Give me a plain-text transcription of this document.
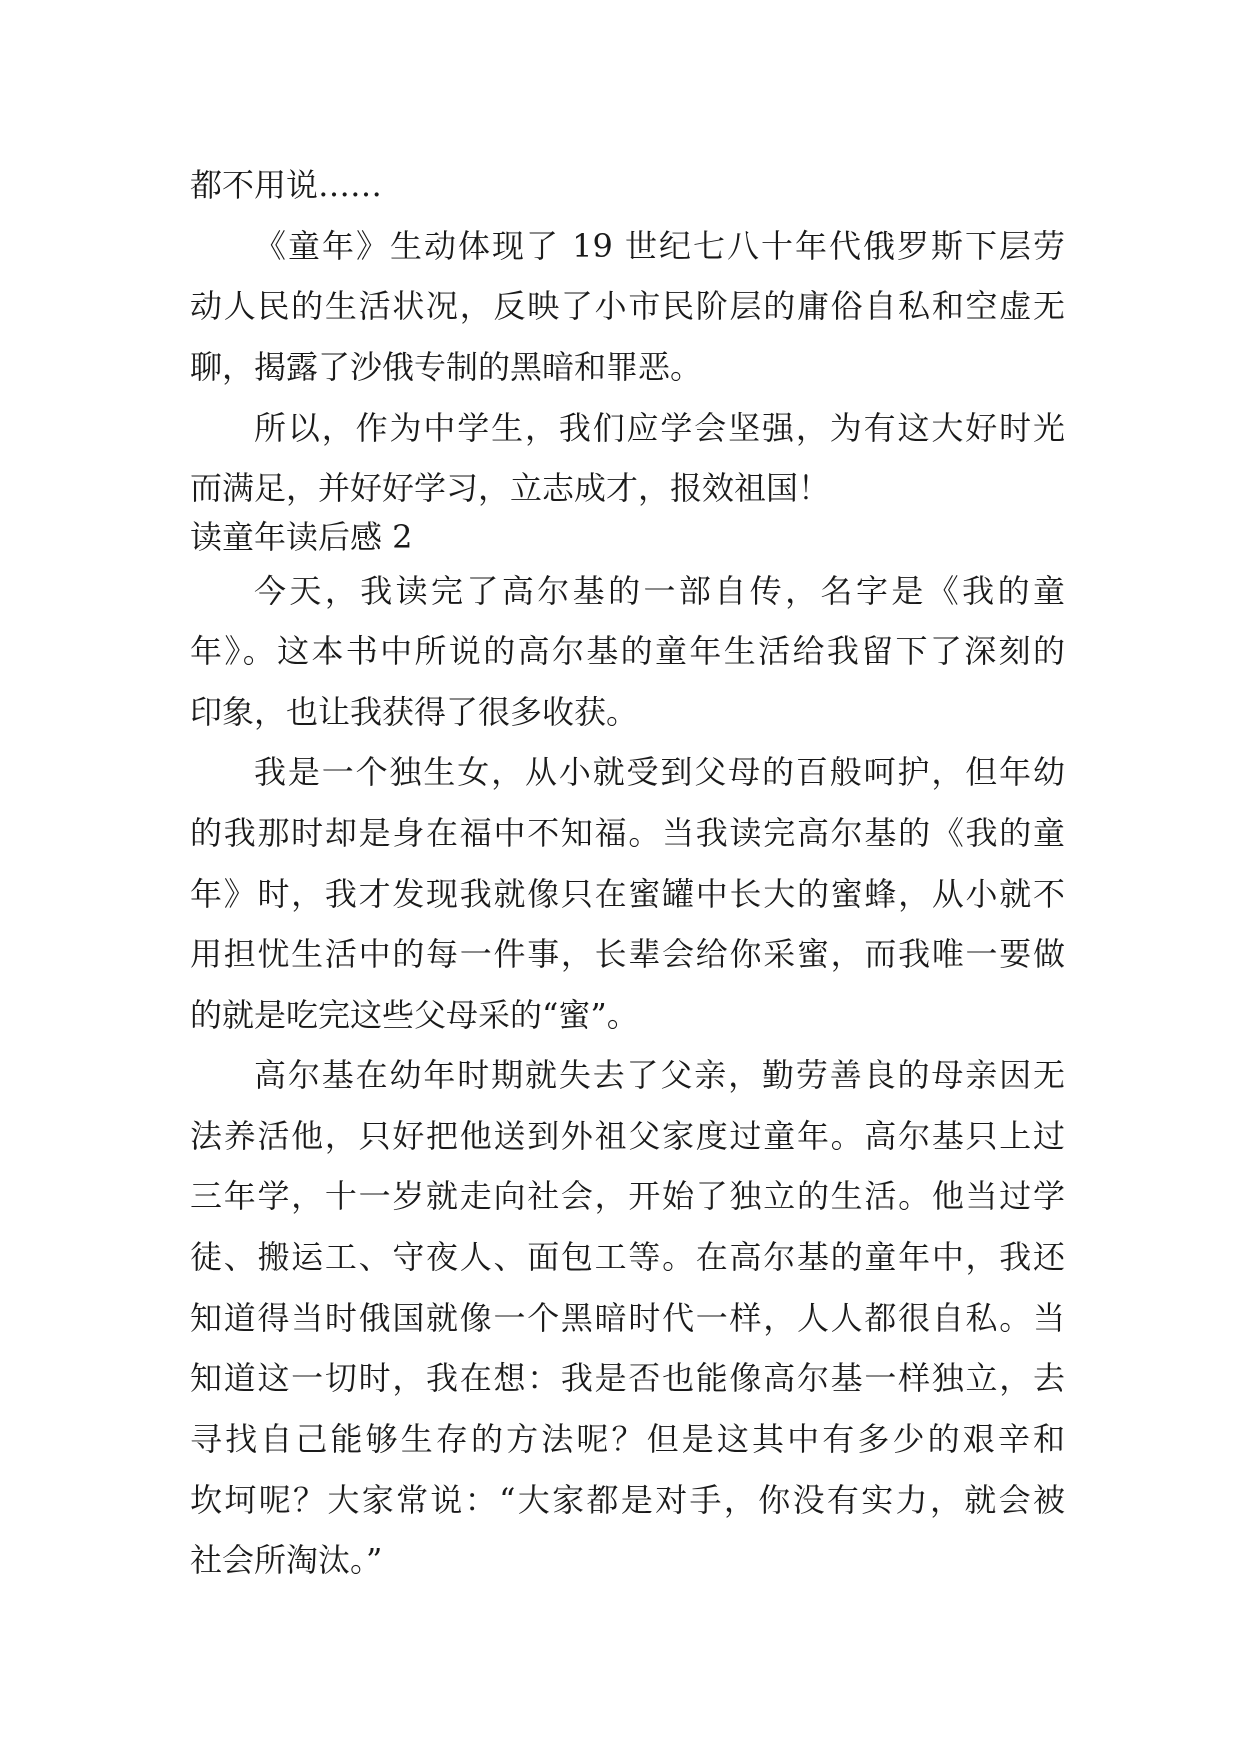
都不用说……
《童年》生动体现了 19 世纪七八十年代俄罗斯下层劳
动人民的生活状况，反映了小市民阶层的庸俗自私和空虚无
聊，揭露了沙俄专制的黑暗和罪恶。
所以，作为中学生，我们应学会坚强，为有这大好时光
而满足，并好好学习，立志成才，报效祖国！
读童年读后感 2
今天，我读完了高尔基的一部自传，名字是《我的童
年》。这本书中所说的高尔基的童年生活给我留下了深刻的
印象，也让我获得了很多收获。
我是一个独生女，从小就受到父母的百般呵护，但年幼
的我那时却是身在福中不知福。当我读完高尔基的《我的童
年》时，我才发现我就像只在蜜罐中长大的蜜蜂，从小就不
用担忧生活中的每一件事，长辈会给你采蜜，而我唯一要做
的就是吃完这些父母采的“蜜”。
高尔基在幼年时期就失去了父亲，勤劳善良的母亲因无
法养活他，只好把他送到外祖父家度过童年。高尔基只上过
三年学，十一岁就走向社会，开始了独立的生活。他当过学
徒、搬运工、守夜人、面包工等。在高尔基的童年中，我还
知道得当时俄国就像一个黑暗时代一样，人人都很自私。当
知道这一切时，我在想：我是否也能像高尔基一样独立，去
寻找自己能够生存的方法呢？但是这其中有多少的艰辛和
坎坷呢？大家常说：“大家都是对手，你没有实力，就会被
社会所淘汰。”
